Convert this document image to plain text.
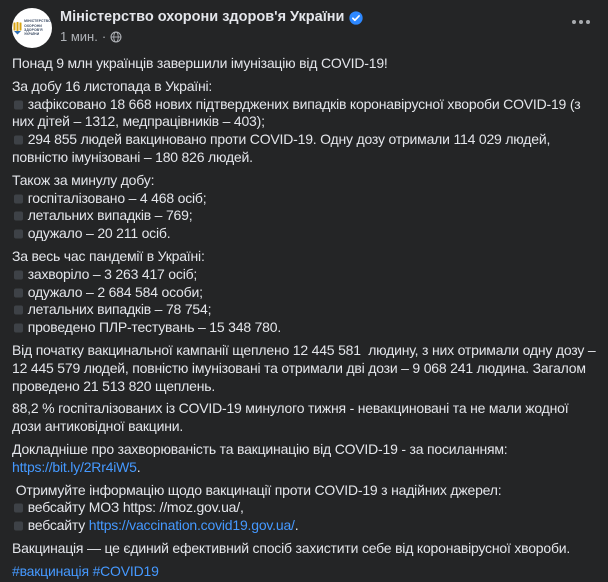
МІНІСТЕРСТВО
ОХОРОНИ
ЗДОРОВ'Я
УКРАЇНИ
Міністерство охорони здоров'я України
1 мин. ·

Понад 9 млн українців завершили імунізацію від COVID-19!

За добу 16 листопада в Україні:
зафіксовано 18 668 нових підтверджених випадків коронавірусної хвороби COVID-19 (з них дітей – 1312, медпрацівників – 403);
294 855 людей вакциновано проти COVID-19. Одну дозу отримали 114 029 людей, повністю імунізовані – 180 826 людей.

Також за минулу добу:
госпіталізовано – 4 468 осіб;
летальних випадків – 769;
одужало – 20 211 осіб.

За весь час пандемії в Україні:
захворіло – 3 263 417 осіб;
одужало – 2 684 584 особи;
летальних випадків – 78 754;
проведено ПЛР-тестувань – 15 348 780.

Від початку вакцинальної кампанії щеплено 12 445 581  людину, з них отримали одну дозу – 12 445 579 людей, повністю імунізовані та отримали дві дози – 9 068 241 людина. Загалом проведено 21 513 820 щеплень.

88,2 % госпіталізованих із COVID-19 минулого тижня - невакциновані та не мали жодної дози антиковідної вакцини.

Докладніше про захворюваність та вакцинацію від COVID-19 - за посиланням:
https://bit.ly/2Rr4iW5.

Отримуйте інформацію щодо вакцинації проти COVID-19 з надійних джерел:
вебсайту МОЗ https: //moz.gov.ua/,
вебсайту https://vaccination.covid19.gov.ua/.

Вакцинація — це єдиний ефективний спосіб захистити себе від коронавірусної хвороби.

#вакцинація #COVID19
